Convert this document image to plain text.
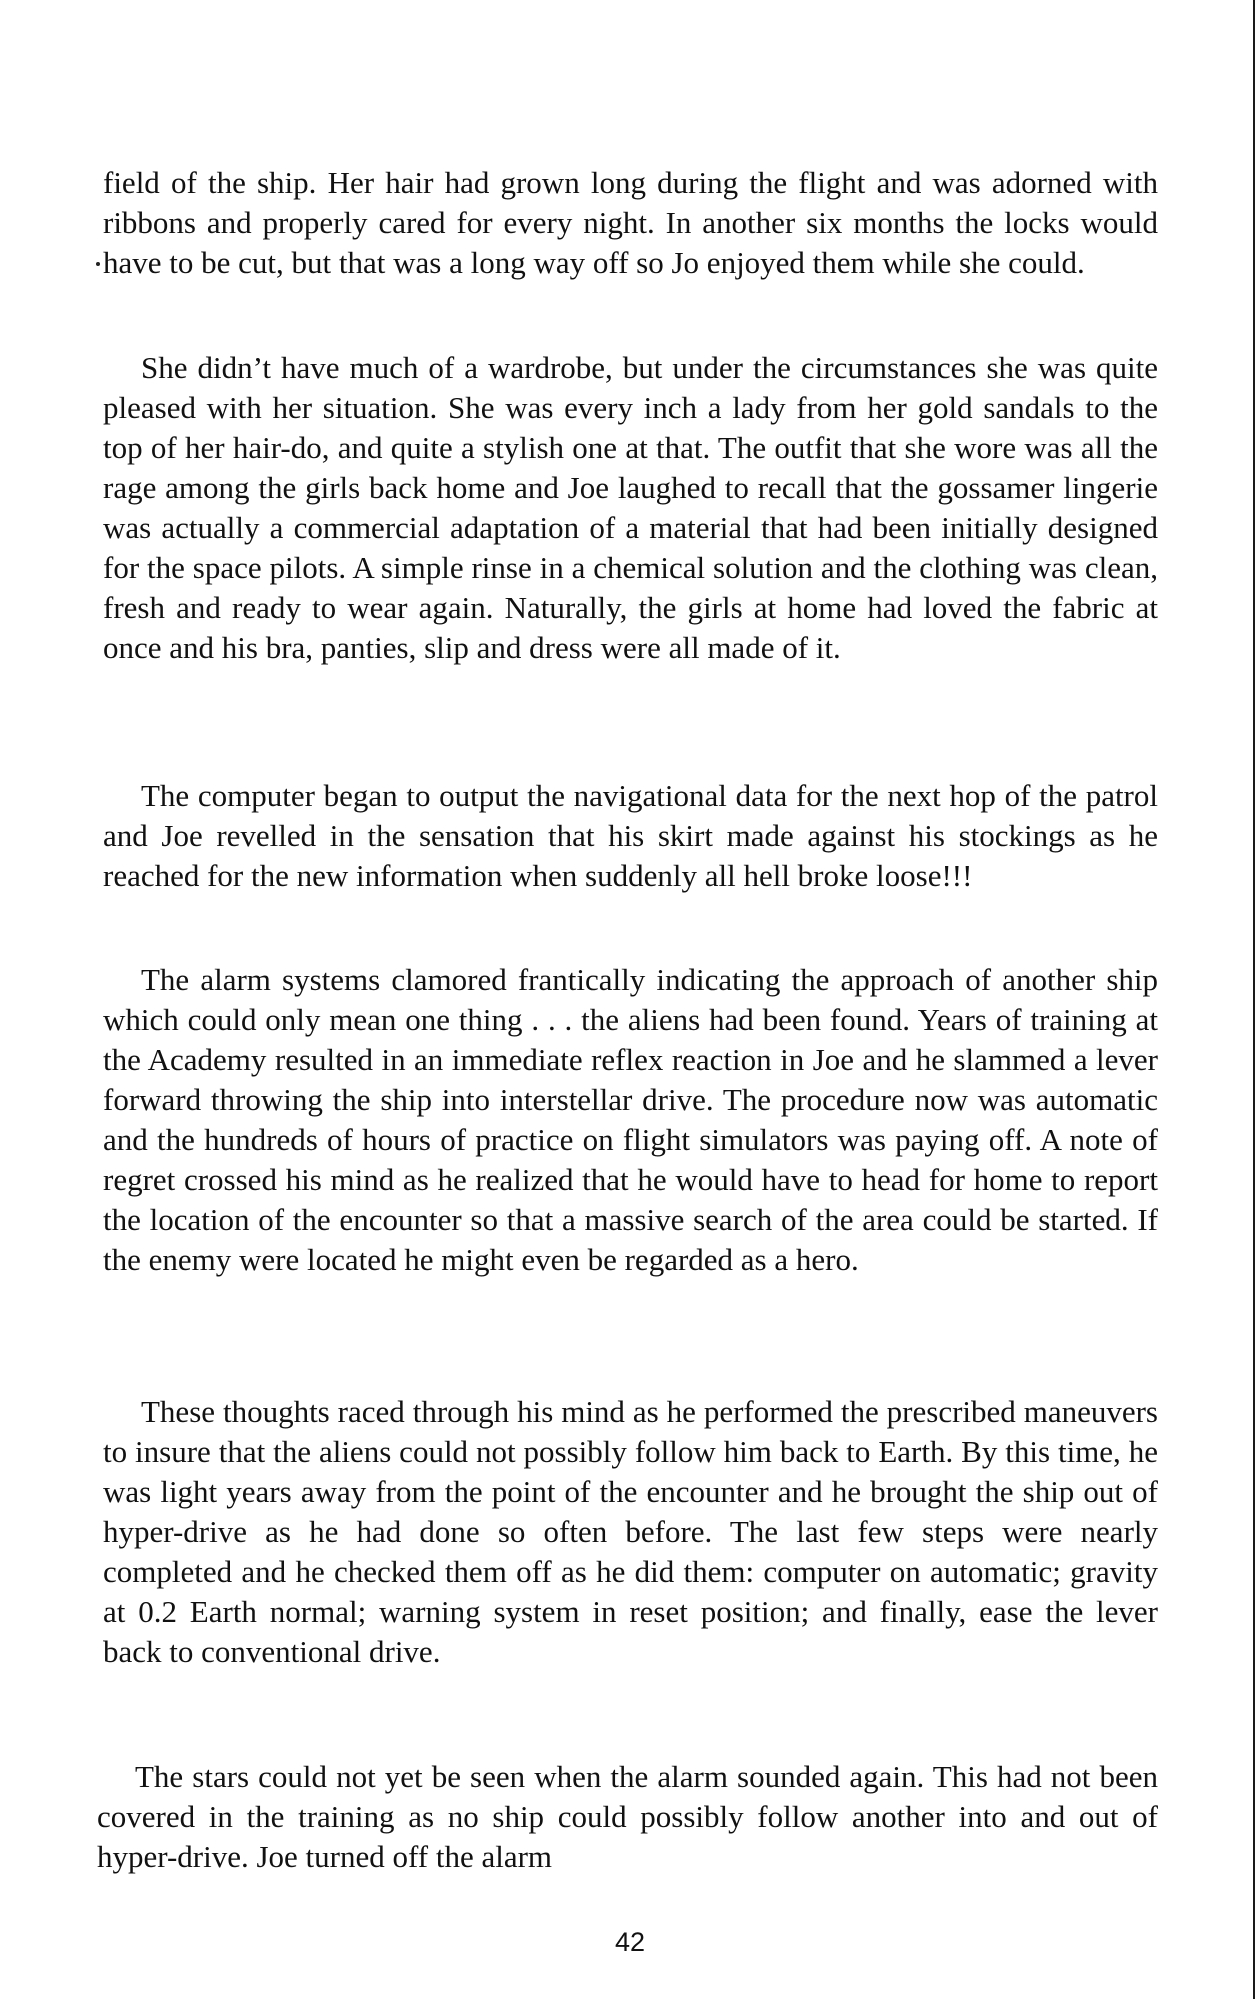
field of the ship. Her hair had grown long during the flight and was adorned with ribbons and properly cared for every night. In another six months the locks would have to be cut, but that was a long way off so Jo enjoyed them while she could.

She didn’t have much of a wardrobe, but under the circumstances she was quite pleased with her situation. She was every inch a lady from her gold sandals to the top of her hair-do, and quite a stylish one at that. The outfit that she wore was all the rage among the girls back home and Joe laughed to recall that the gossamer lingerie was actually a commercial adaptation of a material that had been initially designed for the space pilots. A simple rinse in a chemical solution and the clothing was clean, fresh and ready to wear again. Naturally, the girls at home had loved the fabric at once and his bra, panties, slip and dress were all made of it.

The computer began to output the navigational data for the next hop of the patrol and Joe revelled in the sensation that his skirt made against his stockings as he reached for the new information when suddenly all hell broke loose!!!

The alarm systems clamored frantically indicating the approach of another ship which could only mean one thing . . . the aliens had been found. Years of training at the Academy resulted in an immediate reflex reaction in Joe and he slammed a lever forward throwing the ship into interstellar drive. The procedure now was automatic and the hundreds of hours of practice on flight simulators was paying off. A note of regret crossed his mind as he realized that he would have to head for home to report the location of the encounter so that a massive search of the area could be started. If the enemy were located he might even be regarded as a hero.

These thoughts raced through his mind as he performed the prescribed maneuvers to insure that the aliens could not possibly follow him back to Earth. By this time, he was light years away from the point of the encounter and he brought the ship out of hyper-drive as he had done so often before. The last few steps were nearly completed and he checked them off as he did them: computer on automatic; gravity at 0.2 Earth normal; warning system in reset position; and finally, ease the lever back to conventional drive.

The stars could not yet be seen when the alarm sounded again. This had not been covered in the training as no ship could possibly follow another into and out of hyper-drive. Joe turned off the alarm

42
